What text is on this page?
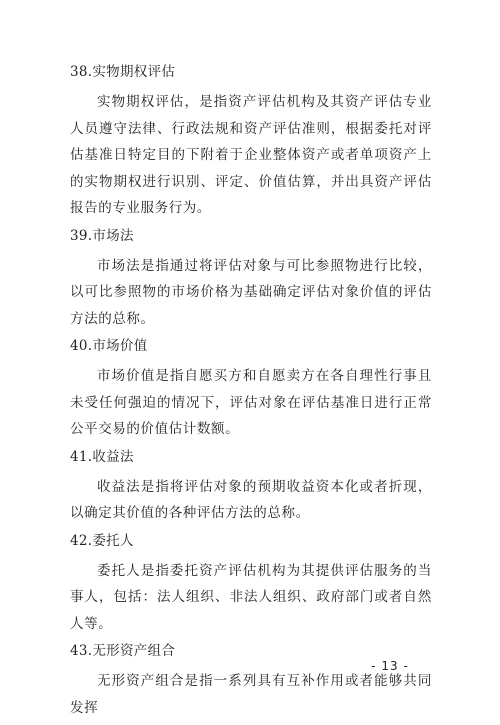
38.实物期权评估

实物期权评估，是指资产评估机构及其资产评估专业人员遵守法律、行政法规和资产评估准则，根据委托对评估基准日特定目的下附着于企业整体资产或者单项资产上的实物期权进行识别、评定、价值估算，并出具资产评估报告的专业服务行为。

39.市场法

市场法是指通过将评估对象与可比参照物进行比较，以可比参照物的市场价格为基础确定评估对象价值的评估方法的总称。

40.市场价值

市场价值是指自愿买方和自愿卖方在各自理性行事且未受任何强迫的情况下，评估对象在评估基准日进行正常公平交易的价值估计数额。

41.收益法

收益法是指将评估对象的预期收益资本化或者折现，以确定其价值的各种评估方法的总称。

42.委托人

委托人是指委托资产评估机构为其提供评估服务的当事人，包括：法人组织、非法人组织、政府部门或者自然人等。

43.无形资产组合

无形资产组合是指一系列具有互补作用或者能够共同发挥

- 13 -
